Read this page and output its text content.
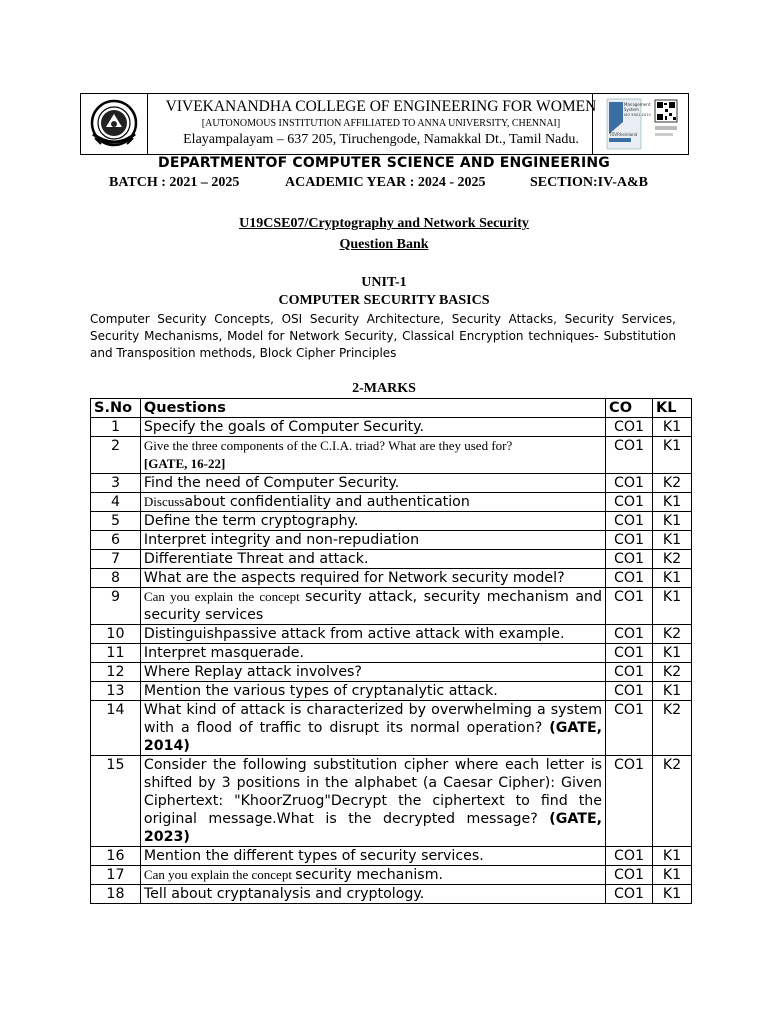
VIVEKANANDHA COLLEGE OF ENGINEERING FOR WOMEN
[AUTONOMOUS INSTITUTION AFFILIATED TO ANNA UNIVERSITY, CHENNAI]
Elayampalayam – 637 205, Tiruchengode, Namakkal Dt., Tamil Nadu.
Management
System
ISO 9001:2015
TÜVRheinland
DEPARTMENTOF COMPUTER SCIENCE AND ENGINEERING
BATCH : 2021 – 2025	ACADEMIC YEAR : 2024 - 2025	SECTION:IV-A&B
U19CSE07/Cryptography and Network Security
Question Bank
UNIT-1
COMPUTER SECURITY BASICS
Computer Security Concepts, OSI Security Architecture, Security Attacks, Security Services, Security Mechanisms, Model for Network Security, Classical Encryption techniques- Substitution and Transposition methods, Block Cipher Principles
2-MARKS
S.No	Questions	CO	KL
1	Specify the goals of Computer Security.	CO1	K1
2	Give the three components of the C.I.A. triad? What are they used for?
[GATE, 16-22]	CO1	K1
3	Find the need of Computer Security.	CO1	K2
4	Discussabout confidentiality and authentication	CO1	K1
5	Define the term cryptography.	CO1	K1
6	Interpret integrity and non-repudiation	CO1	K1
7	Differentiate Threat and attack.	CO1	K2
8	What are the aspects required for Network security model?	CO1	K1
9	Can you explain the concept security attack, security mechanism and security services	CO1	K1
10	Distinguishpassive attack from active attack with example.	CO1	K2
11	Interpret masquerade.	CO1	K1
12	Where Replay attack involves?	CO1	K2
13	Mention the various types of cryptanalytic attack.	CO1	K1
14	What kind of attack is characterized by overwhelming a system with a flood of traffic to disrupt its normal operation? (GATE, 2014)	CO1	K2
15	Consider the following substitution cipher where each letter is shifted by 3 positions in the alphabet (a Caesar Cipher): Given Ciphertext: "KhoorZruog"Decrypt the ciphertext to find the original message.What is the decrypted message? (GATE, 2023)	CO1	K2
16	Mention the different types of security services.	CO1	K1
17	Can you explain the concept security mechanism.	CO1	K1
18	Tell about cryptanalysis and cryptology.	CO1	K1
